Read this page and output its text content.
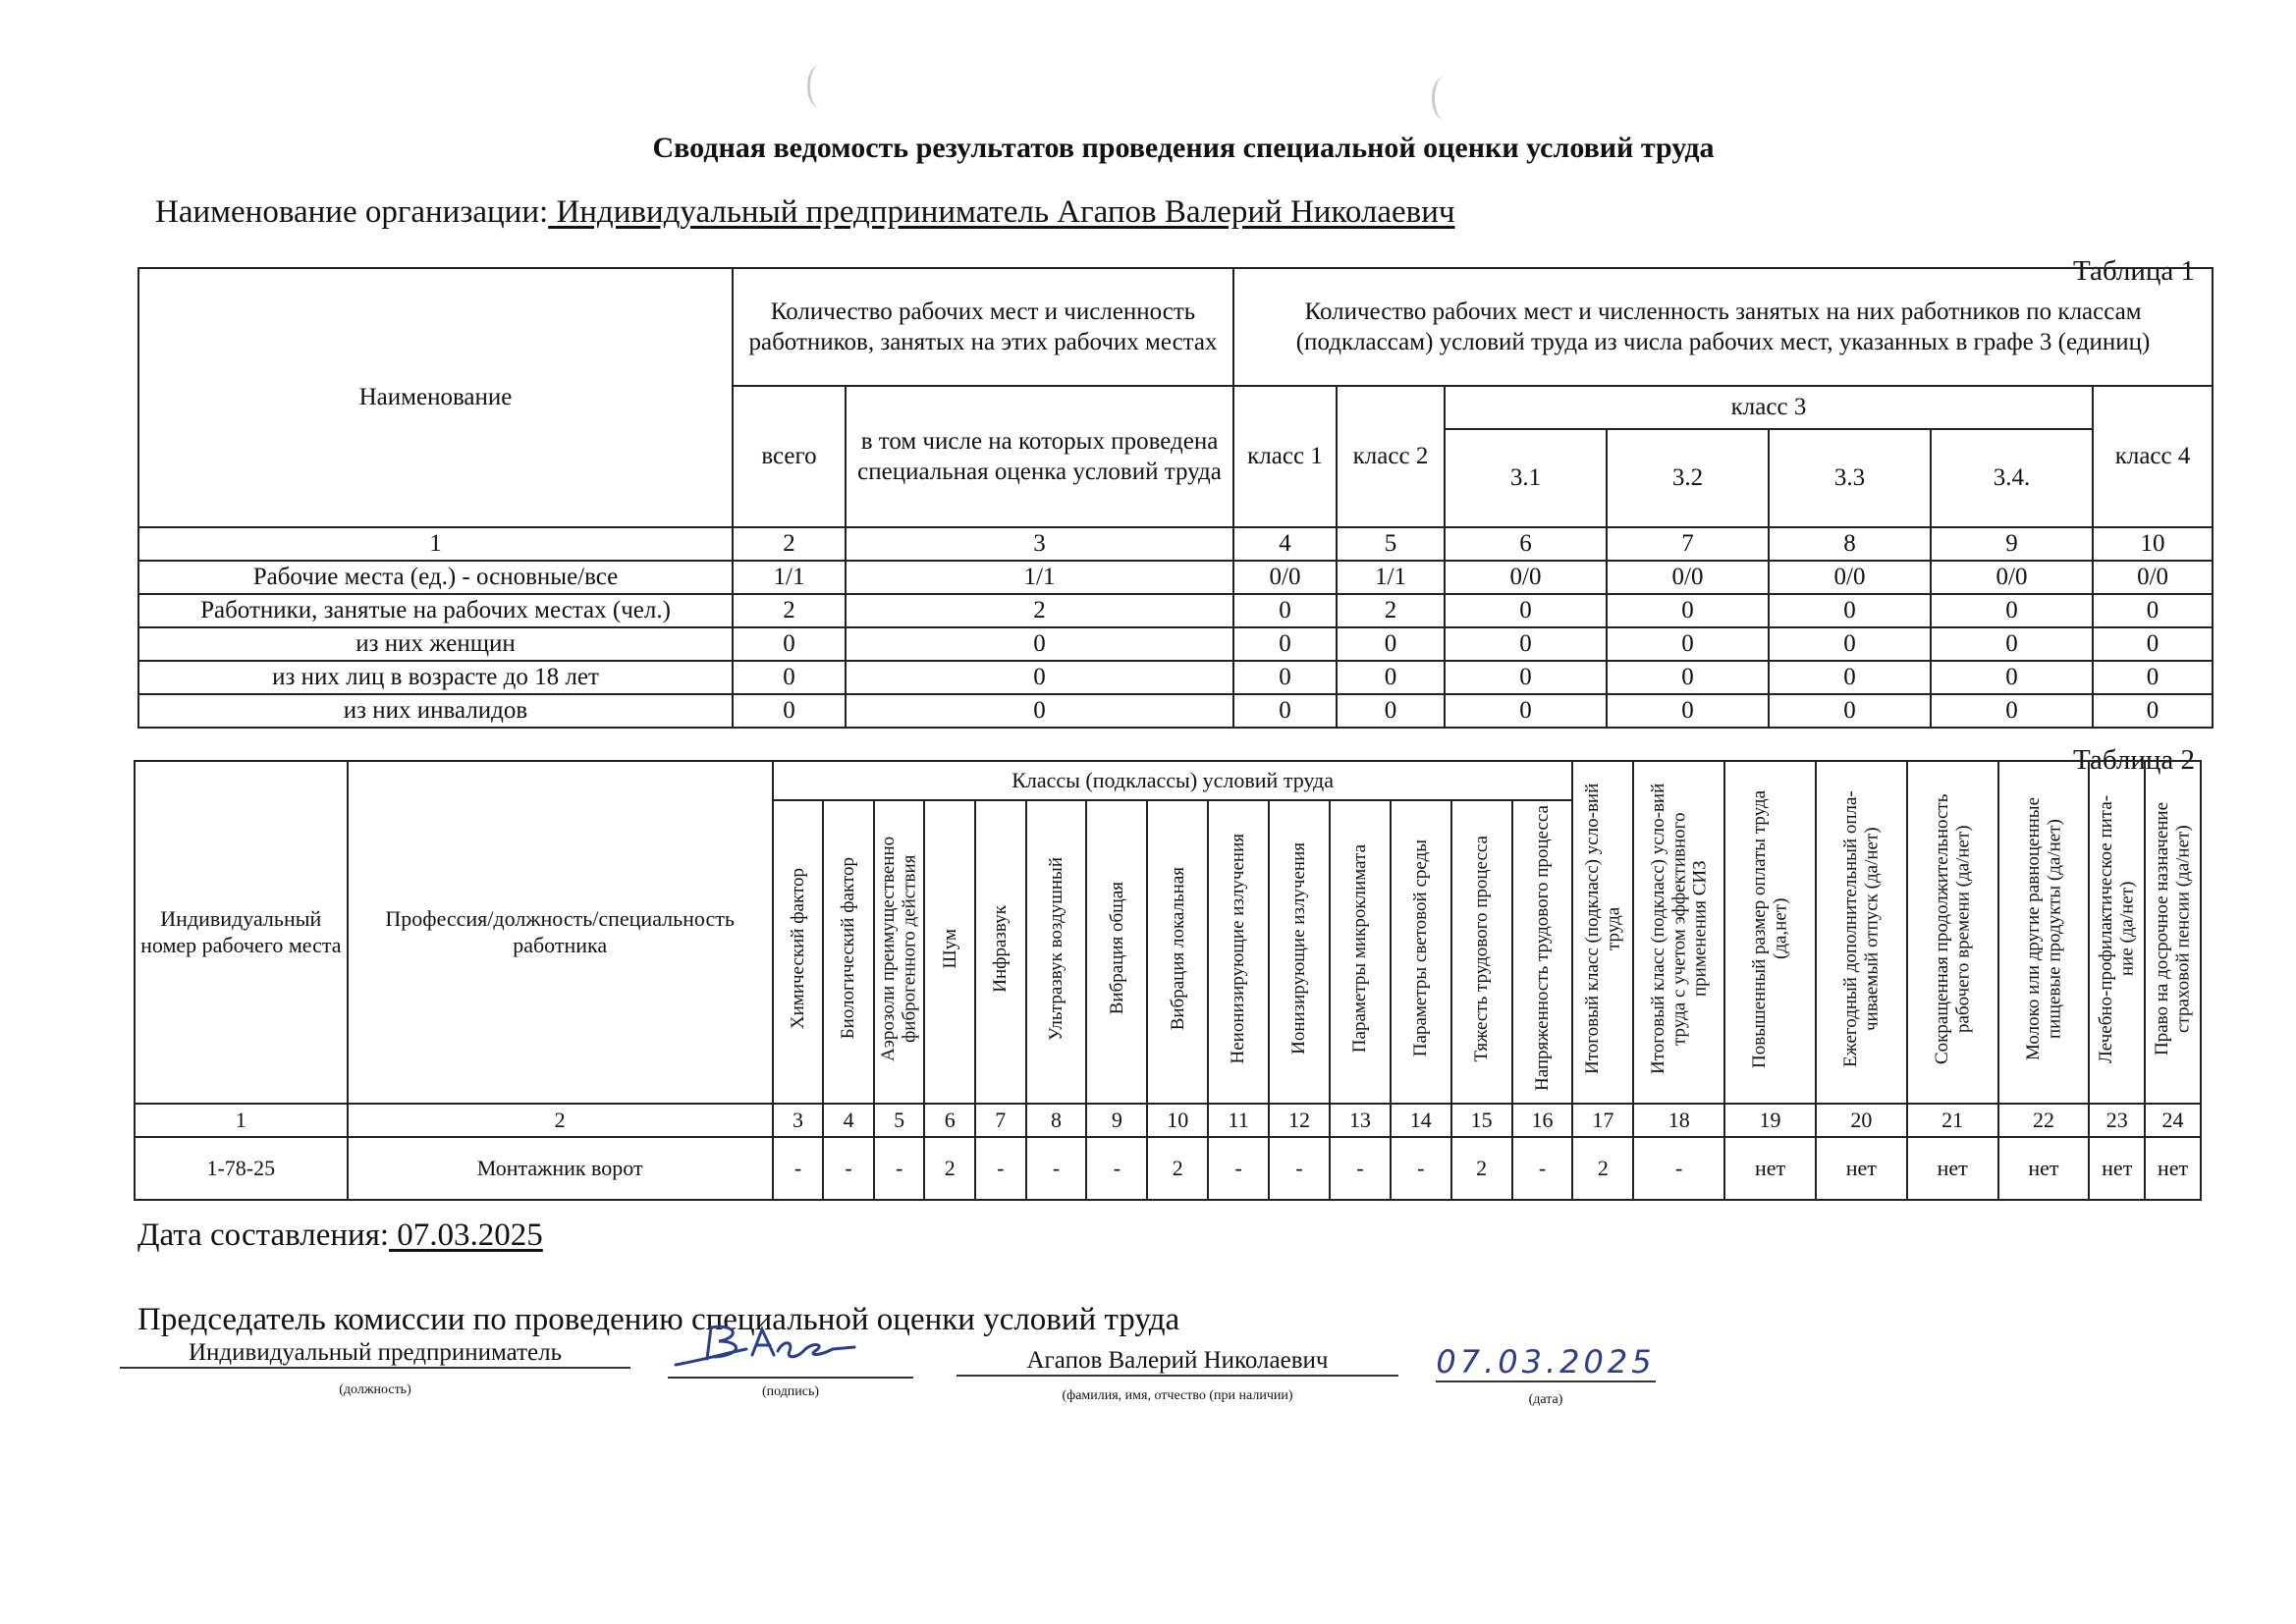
Сводная ведомость результатов проведения специальной оценки условий труда
Наименование организации: Индивидуальный предприниматель Агапов Валерий Николаевич
Таблица 1
Наименование	Количество рабочих мест и численность работников, занятых на этих рабочих местах		Количество рабочих мест и численность занятых на них работников по классам (подклассам) условий труда из числа рабочих мест, указанных в графе 3 (единиц)						
	всего	в том числе на которых проведена специальная оценка условий труда	класс 1	класс 2	класс 3				класс 4
					3.1	3.2	3.3	3.4.	
1	2	3	4	5	6	7	8	9	10
Рабочие места (ед.) - основные/все	1/1	1/1	0/0	1/1	0/0	0/0	0/0	0/0	0/0
Работники, занятые на рабочих местах (чел.)	2	2	0	2	0	0	0	0	0
из них женщин	0	0	0	0	0	0	0	0	0
из них лиц в возрасте до 18 лет	0	0	0	0	0	0	0	0	0
из них инвалидов	0	0	0	0	0	0	0	0	0
Таблица 2
Индивидуальный номер рабочего места	Профессия/должность/специальность работника	Классы (подклассы) условий труда														Итоговый класс (подкласс) усло-вий труда	Итоговый класс (подкласс) усло-вий труда с учетом эффективного применения СИЗ	Повышенный размер оплаты труда (да,нет)	Ежегодный дополнительный опла-чиваемый отпуск (да/нет)	Сокращенная продолжительность рабочего времени (да/нет)	Молоко или другие равноценные пищевые продукты (да/нет)	Лечебно-профилактическое пита-ние (да/нет)	Право на досрочное назначение страховой пенсии (да/нет)
		Химический фактор	Биологический фактор	Аэрозоли преимущественно фиброгенного действия	Шум	Инфразвук	Ультразвук воздушный	Вибрация общая	Вибрация локальная	Неионизирующие излучения	Ионизирующие излучения	Параметры микроклимата	Параметры световой среды	Тяжесть трудового процесса	Напряженность трудового процесса								
1	2	3	4	5	6	7	8	9	10	11	12	13	14	15	16	17	18	19	20	21	22	23	24
1-78-25	Монтажник ворот	-	-	-	2	-	-	-	2	-	-	-	-	2	-	2	-	нет	нет	нет	нет	нет	нет
Дата составления: 07.03.2025
Председатель комиссии по проведению специальной оценки условий труда
Индивидуальный предприниматель
(должность)	(подпись)
Агапов Валерий Николаевич
(фамилия, имя, отчество (при наличии)
07.03.2025
(дата)
